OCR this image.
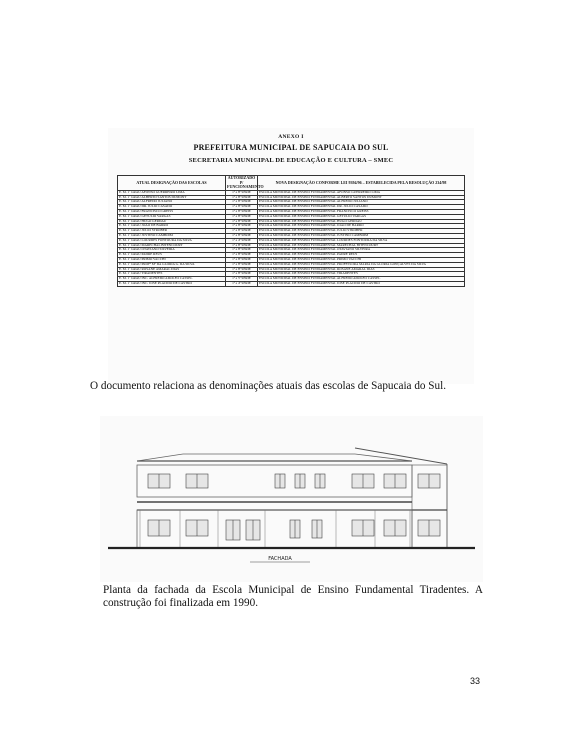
ANEXO I
PREFEITURA MUNICIPAL DE SAPUCAIA DO SUL
SECRETARIA MUNICIPAL DE EDUCAÇÃO E CULTURA – SMEC
ATUAL DESIGNAÇÃO DAS ESCOLAS	AUTORIZADO P/ FUNCIONAMENTO	NOVA DESIGNAÇÃO CONFORME LEI 9394/96 – ESTABELECIDA PELA RESOLUÇÃO 234/98
E. M. 1º GRAU AFONSO GUERREIRO LIMA	1ª a 8ª SÉRIE	ESCOLA MUNICIPAL DE ENSINO FUNDAMENTAL AFONSO GUERREIRO LIMA
E. M. 1º GRAU ALBERTO SANTOS DUMONT	1ª a 8ª SÉRIE	ESCOLA MUNICIPAL DE ENSINO FUNDAMENTAL ALBERTO SANTOS DUMONT
E. M. 1º GRAU ALFREDO JULIANO	1ª a 8ª SÉRIE	ESCOLA MUNICIPAL DE ENSINO FUNDAMENTAL ALFREDO JULIANO
E. M. 1º GRAU DR. JÚLIO CASADO	1ª a 8ª SÉRIE	ESCOLA MUNICIPAL DE ENSINO FUNDAMENTAL DR. JÚLIO CASADO
E. M. 1º GRAU FRANCISCO GREISS	1ª a 8ª SÉRIE	ESCOLA MUNICIPAL DE ENSINO FUNDAMENTAL FRANCISCO GREISS
E. M. 1º GRAU GETÚLIO VARGAS	1ª a 8ª SÉRIE	ESCOLA MUNICIPAL DE ENSINO FUNDAMENTAL GETÚLIO VARGAS
E. M. 1º GRAU HUGO GERDAU	1ª a 8ª SÉRIE	ESCOLA MUNICIPAL DE ENSINO FUNDAMENTAL HUGO GERDAU
E. M. 1º GRAU JOÃO DE BARRO	1ª a 8ª SÉRIE	ESCOLA MUNICIPAL DE ENSINO FUNDAMENTAL JOÃO DE BARRO
E. M. 1º GRAU JÚLIO STROBER	1ª a 8ª SÉRIE	ESCOLA MUNICIPAL DE ENSINO FUNDAMENTAL JÚLIO STROBER
E. M. 1º GRAU JUSTINO CAMBOIM	1ª a 8ª SÉRIE	ESCOLA MUNICIPAL DE ENSINO FUNDAMENTAL JUSTINO CAMBOIM
E. M. 1º GRAU LOURDES FONTOURA DA SILVA	1ª a 4ª SÉRIE	ESCOLA MUNICIPAL DE ENSINO FUNDAMENTAL LOURDES FONTOURA DA SILVA
E. M. 1º GRAU MARECHAL BITENCOURT	1ª a 8ª SÉRIE	ESCOLA MUNICIPAL DE ENSINO FUNDAMENTAL MARECHAL BITENCOURT
E. M. 1º GRAU OTAVIANO SILVEIRA	1ª a 8ª SÉRIE	ESCOLA MUNICIPAL DE ENSINO FUNDAMENTAL OTAVIANO SILVEIRA
E. M. 1º GRAU PADRE REUS	1ª a 8ª SÉRIE	ESCOLA MUNICIPAL DE ENSINO FUNDAMENTAL PADRE REUS
E. M. 1º GRAU PRIMO VACCHI	1ª a 8ª SÉRIE	ESCOLA MUNICIPAL DE ENSINO FUNDAMENTAL PRIMO VACCHI
E. M. 1º GRAU PROFª Mª DA GLÓRIA G. DA SILVA	1ª a 8ª SÉRIE	ESCOLA MUNICIPAL DE ENSINO FUNDAMENTAL PROFESSORA MARIA DA GLÓRIA GONÇALVES DA SILVA
E. M. 1º GRAU ROSANE AMARAL DIAS	1ª a 8ª SÉRIE	ESCOLA MUNICIPAL DE ENSINO FUNDAMENTAL ROSANE AMARAL DIAS
E. M. 1º GRAU TIRADENTES	1ª a 8ª SÉRIE	ESCOLA MUNICIPAL DE ENSINO FUNDAMENTAL TIRADENTES
E. M. 1º GRAU INC. ALFREDO ADOLFO CASSEL	1ª a 5ª SÉRIE	ESCOLA MUNICIPAL DE ENSINO FUNDAMENTAL ALFREDO ADOLFO CASSEL
E. M. 1º GRAU INC. JOSÉ PLÁCIDO DE CASTRO	1ª a 4ª SÉRIE	ESCOLA MUNICIPAL DE ENSINO FUNDAMENTAL JOSÉ PLÁCIDO DE CASTRO
O documento relaciona as denominações atuais das escolas de Sapucaia do Sul.
FACHADA
Planta da fachada da Escola Municipal de Ensino Fundamental Tiradentes. A construção foi finalizada em 1990.
33
